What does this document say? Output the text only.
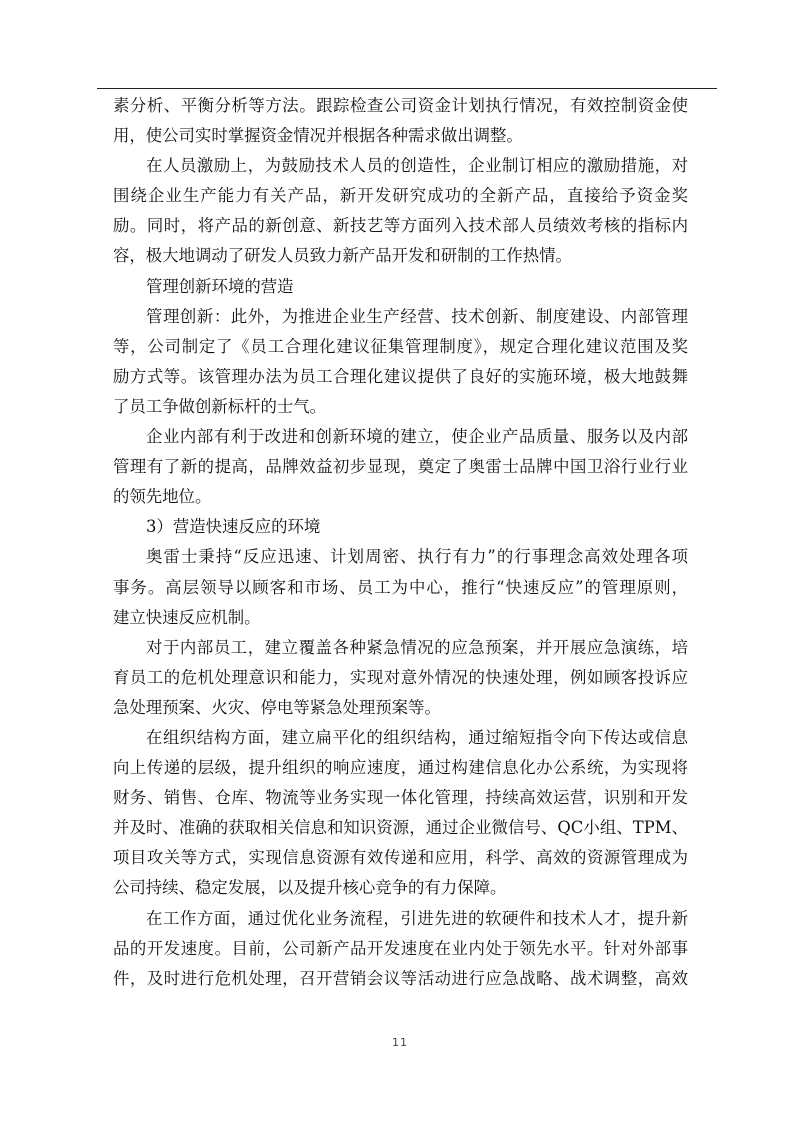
素分析、平衡分析等方法。跟踪检查公司资金计划执行情况，有效控制资金使
用，使公司实时掌握资金情况并根据各种需求做出调整。
在人员激励上，为鼓励技术人员的创造性，企业制订相应的激励措施，对
围绕企业生产能力有关产品，新开发研究成功的全新产品，直接给予资金奖
励。同时，将产品的新创意、新技艺等方面列入技术部人员绩效考核的指标内
容，极大地调动了研发人员致力新产品开发和研制的工作热情。
管理创新环境的营造
管理创新：此外，为推进企业生产经营、技术创新、制度建设、内部管理
等，公司制定了《员工合理化建议征集管理制度》，规定合理化建议范围及奖
励方式等。该管理办法为员工合理化建议提供了良好的实施环境，极大地鼓舞
了员工争做创新标杆的士气。
企业内部有利于改进和创新环境的建立，使企业产品质量、服务以及内部
管理有了新的提高，品牌效益初步显现，奠定了奥雷士品牌中国卫浴行业行业
的领先地位。
3）营造快速反应的环境
奥雷士秉持“反应迅速、计划周密、执行有力”的行事理念高效处理各项
事务。高层领导以顾客和市场、员工为中心，推行“快速反应”的管理原则，
建立快速反应机制。
对于内部员工，建立覆盖各种紧急情况的应急预案，并开展应急演练，培
育员工的危机处理意识和能力，实现对意外情况的快速处理，例如顾客投诉应
急处理预案、火灾、停电等紧急处理预案等。
在组织结构方面，建立扁平化的组织结构，通过缩短指令向下传达或信息
向上传递的层级，提升组织的响应速度，通过构建信息化办公系统，为实现将
财务、销售、仓库、物流等业务实现一体化管理，持续高效运营，识别和开发
并及时、准确的获取相关信息和知识资源，通过企业微信号、QC小组、TPM、
项目攻关等方式，实现信息资源有效传递和应用，科学、高效的资源管理成为
公司持续、稳定发展，以及提升核心竞争的有力保障。
在工作方面，通过优化业务流程，引进先进的软硬件和技术人才，提升新
品的开发速度。目前，公司新产品开发速度在业内处于领先水平。针对外部事
件，及时进行危机处理，召开营销会议等活动进行应急战略、战术调整，高效
11
